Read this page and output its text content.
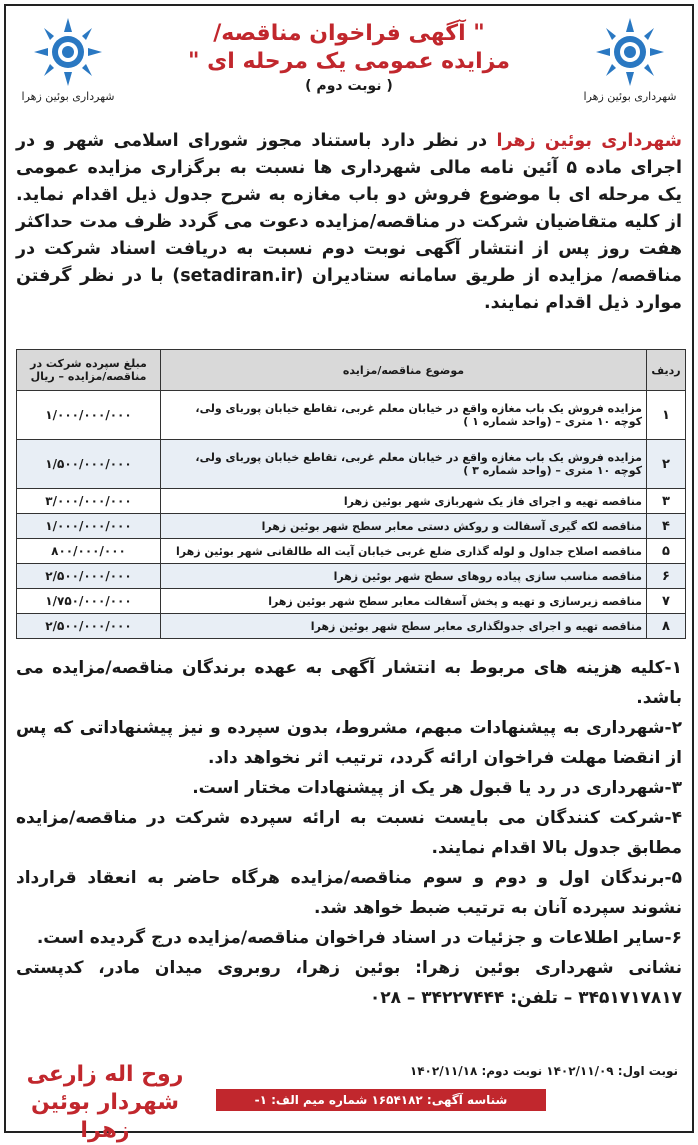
شهرداری بوئین زهرا
" آگهی فراخوان مناقصه/
مزایده عمومی یک مرحله ای "
( نوبت دوم )
شهرداری بوئین زهرا
شهرداری بوئین زهرا در نظر دارد باستناد مجوز شورای اسلامی شهر و در اجرای ماده ۵ آئین نامه مالی شهرداری ها نسبت به برگزاری مزایده عمومی یک مرحله ای با موضوع فروش دو باب مغازه به شرح جدول ذیل اقدام نماید. از کلیه متقاضیان شرکت در مناقصه/مزایده دعوت می گردد ظرف مدت حداکثر هفت روز پس از انتشار آگهی نوبت دوم نسبت به دریافت اسناد شرکت در مناقصه/ مزایده از طریق سامانه ستادیران (setadiran.ir) با در نظر گرفتن موارد ذیل اقدام نمایند.
ردیف	موضوع مناقصه/مزایده	مبلغ سپرده شرکت در مناقصه/مزایده – ریال
۱	مزایده فروش یک باب مغازه واقع در خیابان معلم غربی، تقاطع خیابان پوربای ولی، کوچه ۱۰ متری – (واحد شماره ۱ )	۱/۰۰۰/۰۰۰/۰۰۰
۲	مزایده فروش یک باب مغازه واقع در خیابان معلم غربی، تقاطع خیابان پوربای ولی، کوچه ۱۰ متری – (واحد شماره ۳ )	۱/۵۰۰/۰۰۰/۰۰۰
۳	مناقصه تهیه و اجرای فاز یک شهربازی شهر بوئین زهرا	۳/۰۰۰/۰۰۰/۰۰۰
۴	مناقصه لکه گیری آسفالت و روکش دستی معابر سطح شهر بوئین زهرا	۱/۰۰۰/۰۰۰/۰۰۰
۵	مناقصه اصلاح جداول و لوله گذاری ضلع غربی خیابان آیت اله طالقانی شهر بوئین زهرا	۸۰۰/۰۰۰/۰۰۰
۶	مناقصه مناسب سازی پیاده روهای سطح شهر بوئین زهرا	۲/۵۰۰/۰۰۰/۰۰۰
۷	مناقصه زیرسازی و تهیه و پخش آسفالت معابر سطح شهر بوئین زهرا	۱/۷۵۰/۰۰۰/۰۰۰
۸	مناقصه تهیه و اجرای جدولگذاری معابر سطح شهر بوئین زهرا	۲/۵۰۰/۰۰۰/۰۰۰

۱-کلیه هزینه های مربوط به انتشار آگهی به عهده برندگان مناقصه/مزایده می باشد.

۲-شهرداری به پیشنهادات مبهم، مشروط، بدون سپرده و نیز پیشنهاداتی که پس از انقضا مهلت فراخوان ارائه گردد، ترتیب اثر نخواهد داد.

۳-شهرداری در رد یا قبول هر یک از پیشنهادات مختار است.

۴-شرکت کنندگان می بایست نسبت به ارائه سپرده شرکت در مناقصه/مزایده مطابق جدول بالا اقدام نمایند.

۵-برندگان اول و دوم و سوم مناقصه/مزایده هرگاه حاضر به انعقاد قرارداد نشوند سپرده آنان به ترتیب ضبط خواهد شد.

۶-سایر اطلاعات و جزئیات در اسناد فراخوان مناقصه/مزایده درج گردیده است.

نشانی شهرداری بوئین زهرا: بوئین زهرا، روبروی میدان مادر، کدپستی ۳۴۵۱۷۱۷۸۱۷ – تلفن: ۳۴۲۲۷۴۴۴ – ۰۲۸

روح اله زارعی
شهردار بوئین زهرا
نوبت اول: ۱۴۰۲/۱۱/۰۹ نوبت دوم: ۱۴۰۲/۱۱/۱۸
شناسه آگهی: ۱۶۵۴۱۸۲ شماره میم الف: ۱-
